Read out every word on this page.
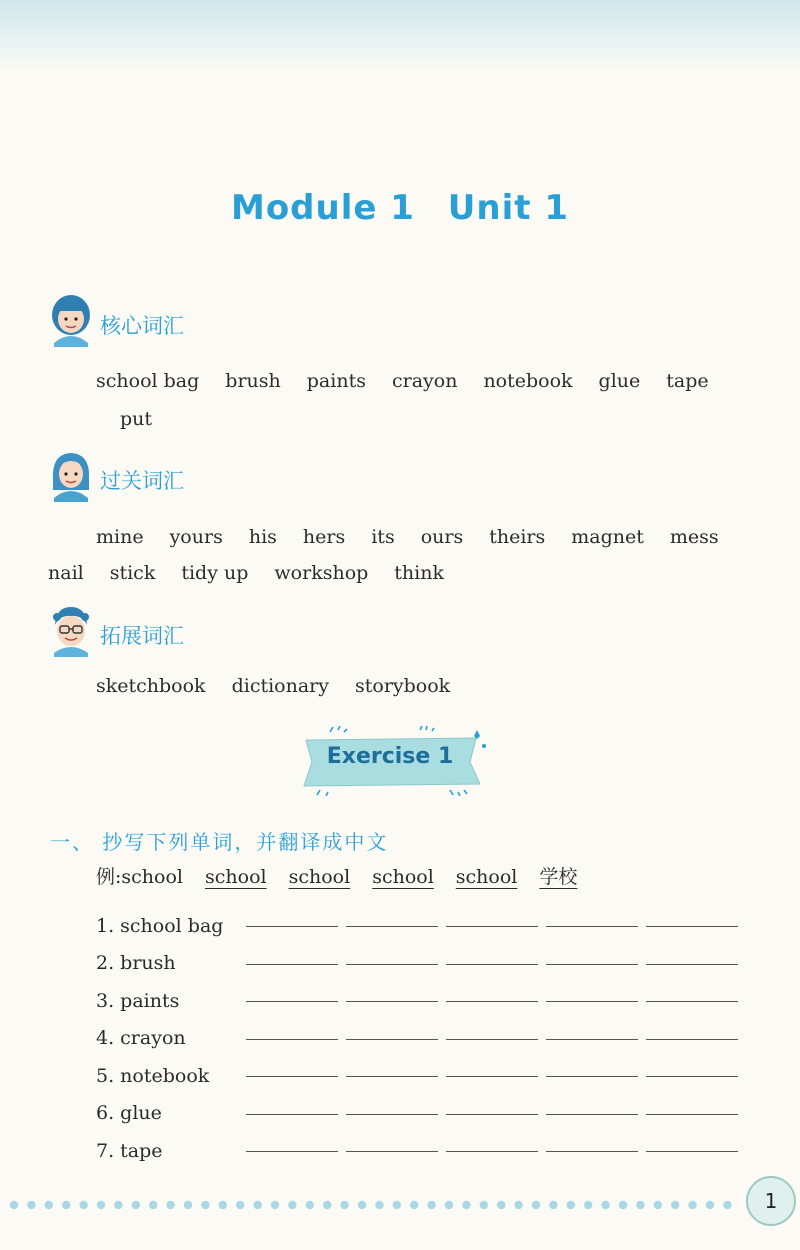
Module 1 Unit 1
核心词汇
school bag brush paints crayon notebook glue tape
put
过关词汇
mine yours his hers its ours theirs magnet mess
nail stick tidy up workshop think
拓展词汇
sketchbook dictionary storybook
Exercise 1
一、 抄写下列单词，并翻译成中文
例:school school school school school 学校
1. school bag
2. brush
3. paints
4. crayon
5. notebook
6. glue
7. tape
1
